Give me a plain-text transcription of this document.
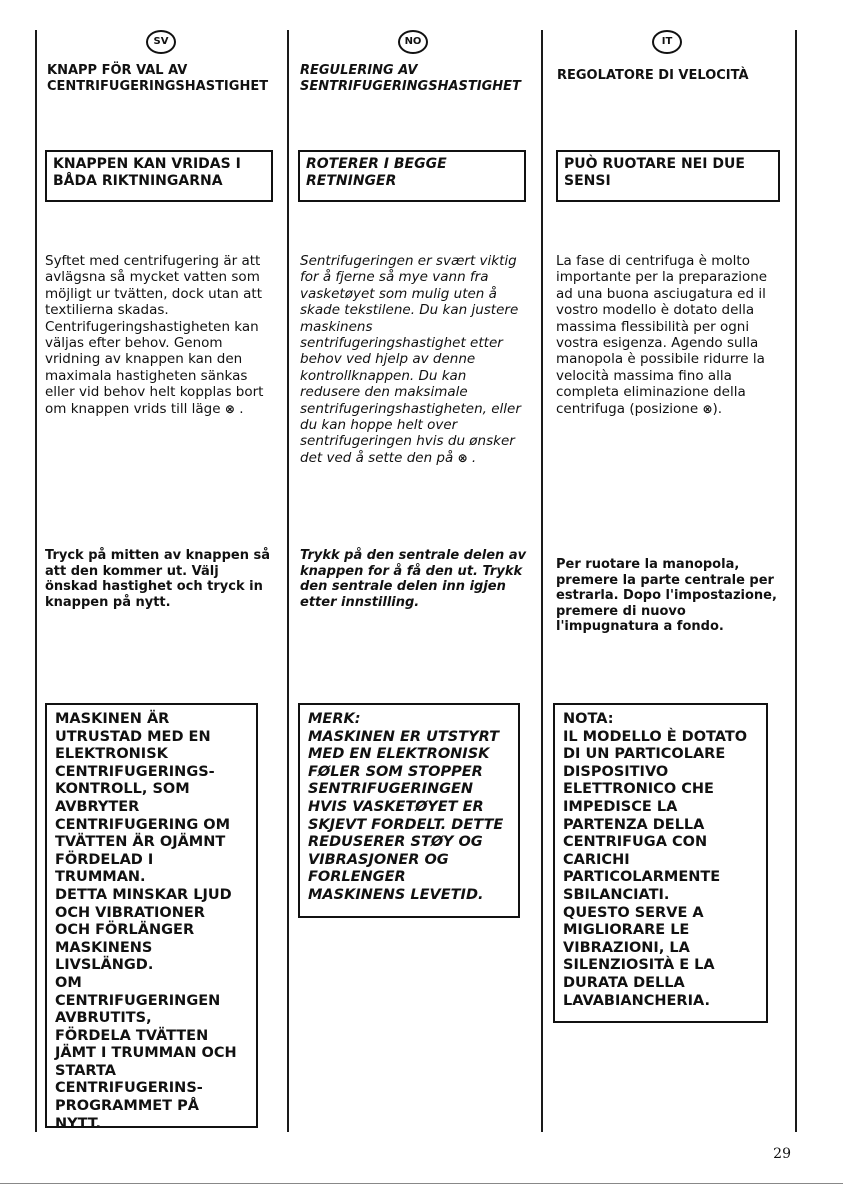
SV
KNAPP FÖR VAL AV CENTRIFUGERINGSHASTIGHET
KNAPPEN KAN VRIDAS I BÅDA RIKTNINGARNA
Syftet med centrifugering är att avlägsna så mycket vatten som möjligt ur tvätten, dock utan att textilierna skadas. Centrifugeringshastigheten kan väljas efter behov. Genom vridning av knappen kan den maximala hastigheten sänkas eller vid behov helt kopplas bort om knappen vrids till läge ⊗ .
Tryck på mitten av knappen så att den kommer ut. Välj önskad hastighet och tryck in knappen på nytt.
MASKINEN ÄR
UTRUSTAD MED EN
ELEKTRONISK
CENTRIFUGERINGS-
KONTROLL, SOM
AVBRYTER
CENTRIFUGERING OM
TVÄTTEN ÄR OJÄMNT
FÖRDELAD I TRUMMAN.
DETTA MINSKAR LJUD
OCH VIBRATIONER
OCH FÖRLÄNGER
MASKINENS
LIVSLÄNGD.
OM
CENTRIFUGERINGEN
AVBRUTITS,
FÖRDELA TVÄTTEN
JÄMT I TRUMMAN OCH
STARTA
CENTRIFUGERINS-
PROGRAMMET PÅ NYTT.
NO
REGULERING AV SENTRIFUGERINGSHASTIGHET
ROTERER I BEGGE RETNINGER
Sentrifugeringen er svært viktig for å fjerne så mye vann fra vasketøyet som mulig uten å skade tekstilene. Du kan justere maskinens sentrifugeringshastighet etter behov ved hjelp av denne kontrollknappen. Du kan redusere den maksimale sentrifugeringshastigheten, eller du kan hoppe helt over sentrifugeringen hvis du ønsker det ved å sette den på ⊗ .
Trykk på den sentrale delen av knappen for å få den ut. Trykk den sentrale delen inn igjen etter innstilling.
MERK:
MASKINEN ER UTSTYRT
MED EN ELEKTRONISK
FØLER SOM STOPPER
SENTRIFUGERINGEN
HVIS VASKETØYET ER
SKJEVT FORDELT. DETTE
REDUSERER STØY OG
VIBRASJONER OG
FORLENGER
MASKINENS LEVETID.
IT
REGOLATORE DI VELOCITÀ
PUÒ RUOTARE NEI DUE SENSI
La fase di centrifuga è molto importante per la preparazione ad una buona asciugatura ed il vostro modello è dotato della massima flessibilità per ogni vostra esigenza. Agendo sulla manopola è possibile ridurre la velocità massima fino alla completa eliminazione della centrifuga (posizione ⊗).
Per ruotare la manopola, premere la parte centrale per estrarla. Dopo l'impostazione, premere di nuovo l'impugnatura a fondo.
NOTA:
IL MODELLO È DOTATO
DI UN PARTICOLARE
DISPOSITIVO
ELETTRONICO CHE
IMPEDISCE LA
PARTENZA DELLA
CENTRIFUGA CON
CARICHI
PARTICOLARMENTE
SBILANCIATI.
QUESTO SERVE A
MIGLIORARE LE
VIBRAZIONI, LA
SILENZIOSITÀ E LA
DURATA DELLA
LAVABIANCHERIA.
29
